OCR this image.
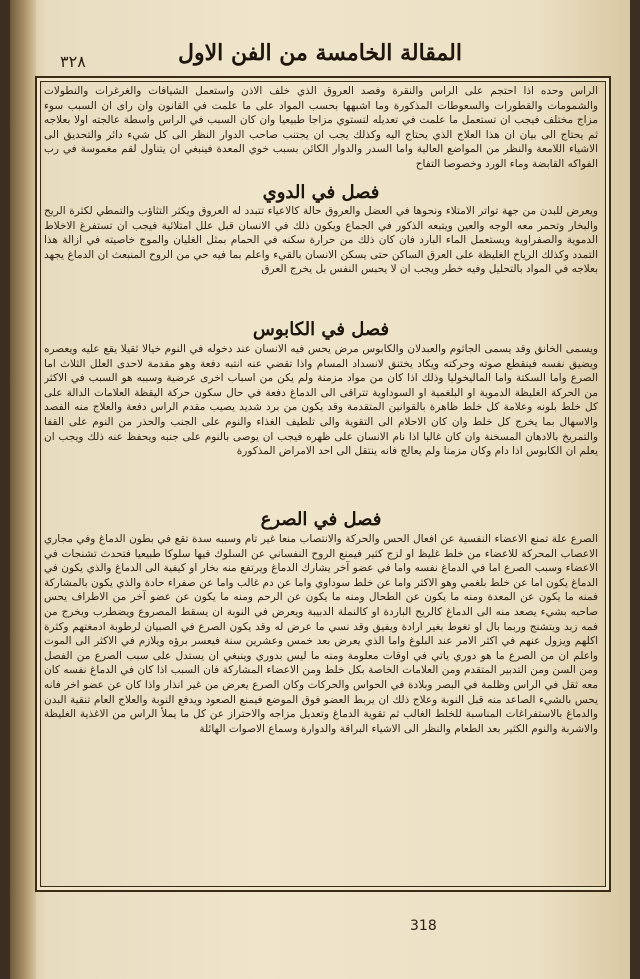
٣٢٨	المقالة الخامسة من الفن الاول
الراس وحده اذا احتجم على الراس والنقرة وفصد العروق الذي خلف الاذن واستعمل الشيافات والغرغرات والنطولات والشمومات والقطورات والسعوطات المذكورة وما اشبهها بحسب المواد على ما علمت في القانون وان راى ان السبب سوء مزاج مختلف فيجب ان تستعمل ما علمت في تعديله لتستوي مزاجا طبيعيا وان كان السبب في الراس واسطة عالجته اولا بعلاجه ثم يحتاج الى بيان ان هذا العلاج الذي يحتاج اليه وكذلك يجب ان يجتنب صاحب الدوار النظر الى كل شيء دائر والتحديق الى الاشياء اللامعة والنظر من المواضع العالية واما السدر والدوار الكائن بسبب خوي المعدة فينبغي ان يتناول لقم مغموسة في رب الفواكه القابضة وماء الورد وخصوصا التفاح
فصل في الدوي
ويعرض للبدن من جهة تواتر الامتلاء ونحوها في العضل والعروق حالة كالاعياء تتبدد له العروق ويكثر التثاؤب والتمطي لكثرة الريح والبخار وتحمر معه الوجه والعين ويتبعه الذكور في الجماع ويكون ذلك في الانسان قبل علل امتلائية فيجب ان تستفرغ الاخلاط الدموية والصفراوية ويستعمل الماء البارد فان كان ذلك من حرارة سكنه في الحمام بمثل الغليان والموج خاصيته في ازالة هذا التمدد وكذلك الرياح الغليظة على العرق الساكن حتى يسكن الانسان بالقيء واعلم بما فيه حي من الروح المنبعث ان الدماغ يجهد بعلاجه في المواد بالتحليل وفيه خطر ويجب ان لا يحبس النفس بل يخرج العرق
فصل في الكابوس
ويسمى الخانق وقد يسمى الجاثوم والعبدلان والكابوس مرض يحس فيه الانسان عند دخوله في النوم خيالا ثقيلا يقع عليه ويعصره ويضيق نفسه فينقطع صوته وحركته ويكاد يختنق لانسداد المسام واذا تقضي عنه انتبه دفعة وهو مقدمة لاحدى العلل الثلاث اما الصرع واما السكتة واما الماليخوليا وذلك اذا كان من مواد مزمنة ولم يكن من اسباب اخرى عرضية وسببه هو السبب في الاكثر من الحركة الغليظة الدموية او البلغمية او السوداوية تتراقى الى الدماغ دفعة في حال سكون حركة اليقظة العلامات الدالة على كل خلط بلونه وعلامة كل خلط ظاهرة بالقوانين المتقدمة وقد يكون من برد شديد يصيب مقدم الراس دفعة والعلاج منه الفصد والاسهال بما يخرج كل خلط وان كان الاحلام الى التقوية والى تلطيف الغذاء والنوم على الجنب والحذر من النوم على القفا والتمريخ بالادهان المسخنة وان كان غالبا اذا نام الانسان على ظهره فيجب ان يوصى بالنوم على جنبه ويحفظ عنه ذلك ويجب ان يعلم ان الكابوس اذا دام وكان مزمنا ولم يعالج فانه ينتقل الى احد الامراض المذكورة
فصل في الصرع
الصرع علة تمنع الاعضاء النفسية عن افعال الحس والحركة والانتصاب منعا غير تام وسببه سدة تقع في بطون الدماغ وفي مجاري الاعصاب المحركة للاعضاء من خلط غليظ او لزج كثير فيمنع الروح النفساني عن السلوك فيها سلوكا طبيعيا فتحدث تشنجات في الاعضاء وسبب الصرع اما في الدماغ نفسه واما في عضو آخر يشارك الدماغ ويرتفع منه بخار او كيفية الى الدماغ والذي يكون في الدماغ يكون اما عن خلط بلغمي وهو الاكثر واما عن خلط سوداوي واما عن دم غالب واما عن صفراء حادة والذي يكون بالمشاركة فمنه ما يكون عن المعدة ومنه ما يكون عن الطحال ومنه ما يكون عن الرحم ومنه ما يكون عن عضو آخر من الاطراف يحس صاحبه بشيء يصعد منه الى الدماغ كالريح الباردة او كالنملة الدبيبة ويعرض في النوبة ان يسقط المصروع ويضطرب ويخرج من فمه زبد ويتشنج وربما بال او تغوط بغير ارادة ويفيق وقد نسي ما عرض له وقد يكون الصرع في الصبيان لرطوبة ادمغتهم وكثرة اكلهم ويزول عنهم في اكثر الامر عند البلوغ واما الذي يعرض بعد خمس وعشرين سنة فيعسر برؤه ويلازم في الاكثر الى الموت واعلم ان من الصرع ما هو دوري ياتي في اوقات معلومة ومنه ما ليس بدوري وينبغي ان يستدل على سبب الصرع من الفصل ومن السن ومن التدبير المتقدم ومن العلامات الخاصة بكل خلط ومن الاعضاء المشاركة فان السبب اذا كان في الدماغ نفسه كان معه ثقل في الراس وظلمة في البصر وبلادة في الحواس والحركات وكان الصرع يعرض من غير انذار واذا كان عن عضو اخر فانه يحس بالشيء الصاعد منه قبل النوبة وعلاج ذلك ان يربط العضو فوق الموضع فيمنع الصعود ويدفع النوبة والعلاج العام تنقية البدن والدماغ بالاستفراغات المناسبة للخلط الغالب ثم تقوية الدماغ وتعديل مزاجه والاحتراز عن كل ما يملأ الراس من الاغذية الغليظة والاشربة والنوم الكثير بعد الطعام والنظر الى الاشياء البراقة والدوارة وسماع الاصوات الهائلة
318
